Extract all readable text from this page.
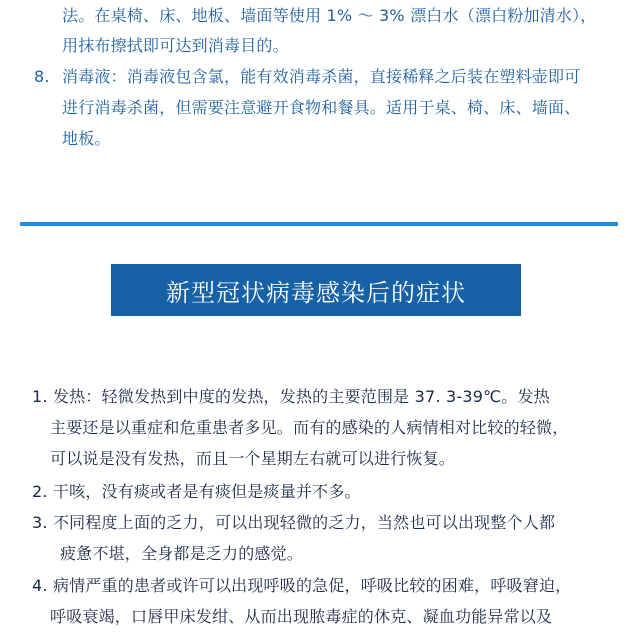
法。在桌椅、床、地板、墙面等使用 1% ～ 3% 漂白水（漂白粉加清水），
用抹布擦拭即可达到消毒目的。
8. 消毒液：消毒液包含氯，能有效消毒杀菌，直接稀释之后装在塑料壶即可
进行消毒杀菌，但需要注意避开食物和餐具。适用于桌、椅、床、墙面、
地板。
新型冠状病毒感染后的症状
1. 发热：轻微发热到中度的发热，发热的主要范围是 37. 3-39℃。发热
主要还是以重症和危重患者多见。而有的感染的人病情相对比较的轻微，
可以说是没有发热，而且一个星期左右就可以进行恢复。
2. 干咳，没有痰或者是有痰但是痰量并不多。
3. 不同程度上面的乏力，可以出现轻微的乏力，当然也可以出现整个人都
疲惫不堪，全身都是乏力的感觉。
4. 病情严重的患者或许可以出现呼吸的急促，呼吸比较的困难，呼吸窘迫，
呼吸衰竭，口唇甲床发绀、从而出现脓毒症的休克、凝血功能异常以及
